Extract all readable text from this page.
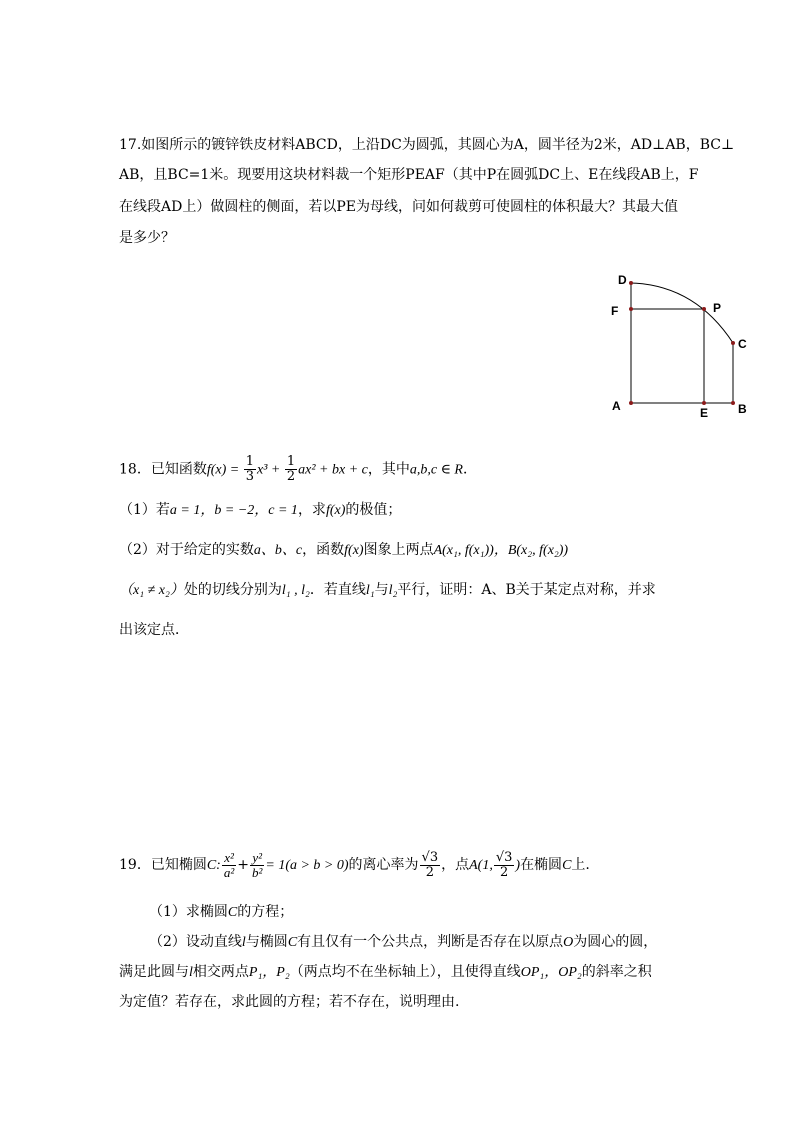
17.如图所示的镀锌铁皮材料ABCD，上沿DC为圆弧，其圆心为A，圆半径为2米，AD⊥AB，BC⊥
AB，且BC=1米。现要用这块材料裁一个矩形PEAF（其中P在圆弧DC上、E在线段AB上，F
在线段AD上）做圆柱的侧面，若以PE为母线，问如何裁剪可使圆柱的体积最大？其最大值
是多少？
D
F	P
C
A	E B
18．已知函数$f(x) = \frac{1}{3} x^3 + \frac{1}{2} ax^2$ + bx + c，其中a,b,c ∈ R．
（1）若a = 1，b = −2，c = 1，求f(x)的极值；
（2）对于给定的实数a、b、c，函数f(x)图象上两点A(x₁, f(x₁))，B(x₂, f(x₂))
（x₁ ≠ x₂）处的切线分别为l₁ , l₂．若直线l₁与l₂平行，证明：A、B关于某定点对称，并求
出该定点．
19．已知椭圆C: $\frac{\text{x²}}{\text{a²}} + \frac{\text{y²}}{\text{b²}} = 1(a > b > 0)$的离心率为 $\frac{√3}{2}$ ，点A(1, $\frac{√3}{2}$ )在椭圆C上.
（1）求椭圆C的方程；
（2）设动直线l与椭圆C有且仅有一个公共点，判断是否存在以原点O为圆心的圆，
满足此圆与l相交两点P₁，P₂（两点均不在坐标轴上），且使得直线OP₁，OP₂的斜率之积
为定值？若存在，求此圆的方程；若不存在，说明理由.
